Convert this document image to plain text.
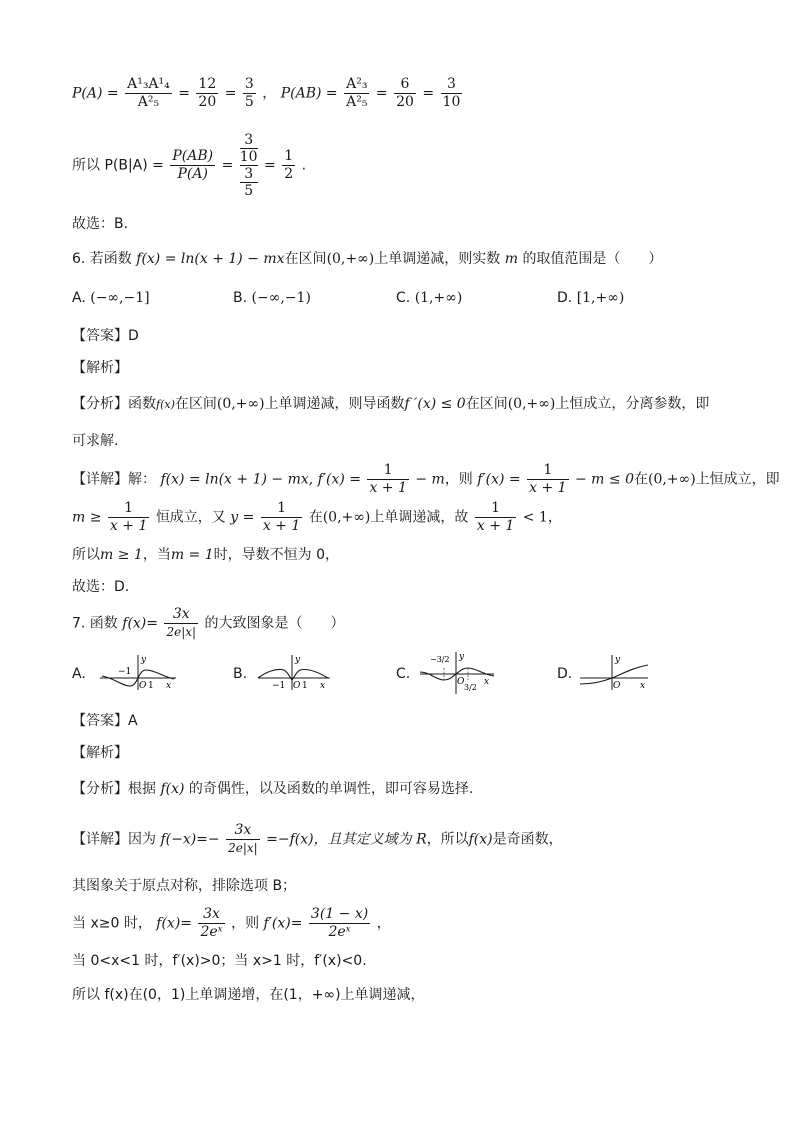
$P(A) = \frac{\text{A¹₃A¹₄}}{\text{A²₅}} = \frac{12}{20} = \frac{3}{5}$ ， $P(AB) = \frac{\text{A²₃}}{\text{A²₅}} = \frac{6}{20} = \frac{3}{10}$
所以 $P(B|A) = \frac{P(AB)}{P(A)}$ =
3
10
3
5
= $\frac{1}{2}$ .
故选：B.
6. 若函数 f(x) = ln(x + 1) − mx在区间(0,+∞)上单调递减，则实数 m 的取值范围是（　　）
A. (−∞,−1]	B. (−∞,−1)	C. (1,+∞)	D. [1,+∞)
【答案】D
【解析】
【分析】函数f(x)在区间(0,+∞)上单调递减，则导函数f ′(x) ≤ 0在区间(0,+∞)上恒成立，分离参数，即
可求解.
【详解】解： f(x) = ln(x + 1) − mx, $f'(x) = \frac{1}{x + 1} - m$，则 $f'(x) = \frac{1}{x + 1} - m \le 0$在(0,+∞)上恒成立，即
$m \ge \frac{1}{x + 1}$ 恒成立，又 $y = \frac{1}{x + 1}$ 在(0,+∞)上单调递减，故 $\frac{1}{x + 1} < 1$，
所以m ≥ 1，当m = 1时，导数不恒为 0，
故选：D.
7. 函数 $f(x)= \frac{3x}{2e|x|}$ 的大致图象是（　　）
A.
y
−1
O 1 x
B.
y
−1 O 1 x
C.
y
−3/2
O
3/2
x	D.
y
O x
【答案】A
【解析】
【分析】根据 f(x) 的奇偶性，以及函数的单调性，即可容易选择.
【详解】因为 $f(-x)=- \frac{3x}{2e|x|} =-f(x)$，且其定义域为 R，所以f(x)是奇函数，
其图象关于原点对称，排除选项 B；
当 x≥0 时， $f(x)= \frac{3x}{\text{2eˣ}}$ ，则 $f'(x)= \frac{3(1 - x)}{\text{2eˣ}}$ ，
当 0<x<1 时，f′(x)>0；当 x>1 时，f′(x)<0.
所以 f(x)在(0，1)上单调递增，在(1，+∞)上单调递减，
